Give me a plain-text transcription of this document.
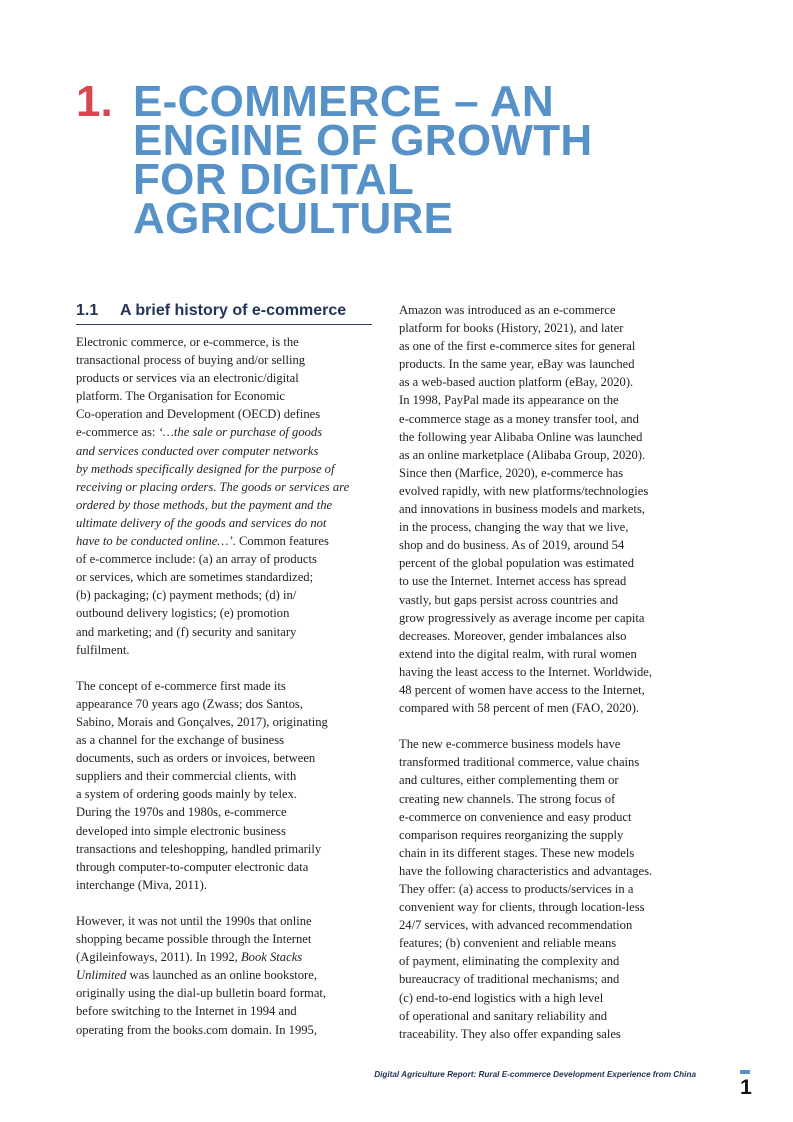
1. E-COMMERCE – AN
ENGINE OF GROWTH
FOR DIGITAL
AGRICULTURE
1.1 A brief history of e-commerce
Electronic commerce, or e-commerce, is the
transactional process of buying and/or selling
products or services via an electronic/digital
platform. The Organisation for Economic
Co-operation and Development (OECD) defines
e-commerce as: ‘…the sale or purchase of goods
and services conducted over computer networks
by methods specifically designed for the purpose of
receiving or placing orders. The goods or services are
ordered by those methods, but the payment and the
ultimate delivery of the goods and services do not
have to be conducted online…’. Common features
of e-commerce include: (a) an array of products
or services, which are sometimes standardized;
(b) packaging; (c) payment methods; (d) in/
outbound delivery logistics; (e) promotion
and marketing; and (f) security and sanitary
fulfilment.
The concept of e-commerce first made its
appearance 70 years ago (Zwass; dos Santos,
Sabino, Morais and Gonçalves, 2017), originating
as a channel for the exchange of business
documents, such as orders or invoices, between
suppliers and their commercial clients, with
a system of ordering goods mainly by telex.
During the 1970s and 1980s, e-commerce
developed into simple electronic business
transactions and teleshopping, handled primarily
through computer-to-computer electronic data
interchange (Miva, 2011).
However, it was not until the 1990s that online
shopping became possible through the Internet
(Agileinfoways, 2011). In 1992, Book Stacks
Unlimited was launched as an online bookstore,
originally using the dial-up bulletin board format,
before switching to the Internet in 1994 and
operating from the books.com domain. In 1995,
Amazon was introduced as an e-commerce
platform for books (History, 2021), and later
as one of the first e-commerce sites for general
products. In the same year, eBay was launched
as a web-based auction platform (eBay, 2020).
In 1998, PayPal made its appearance on the
e-commerce stage as a money transfer tool, and
the following year Alibaba Online was launched
as an online marketplace (Alibaba Group, 2020).
Since then (Marfice, 2020), e-commerce has
evolved rapidly, with new platforms/technologies
and innovations in business models and markets,
in the process, changing the way that we live,
shop and do business. As of 2019, around 54
percent of the global population was estimated
to use the Internet. Internet access has spread
vastly, but gaps persist across countries and
grow progressively as average income per capita
decreases. Moreover, gender imbalances also
extend into the digital realm, with rural women
having the least access to the Internet. Worldwide,
48 percent of women have access to the Internet,
compared with 58 percent of men (FAO, 2020).
The new e-commerce business models have
transformed traditional commerce, value chains
and cultures, either complementing them or
creating new channels. The strong focus of
e-commerce on convenience and easy product
comparison requires reorganizing the supply
chain in its different stages. These new models
have the following characteristics and advantages.
They offer: (a) access to products/services in a
convenient way for clients, through location-less
24/7 services, with advanced recommendation
features; (b) convenient and reliable means
of payment, eliminating the complexity and
bureaucracy of traditional mechanisms; and
(c) end-to-end logistics with a high level
of operational and sanitary reliability and
traceability. They also offer expanding sales
Digital Agriculture Report: Rural E-commerce Development Experience from China
1
